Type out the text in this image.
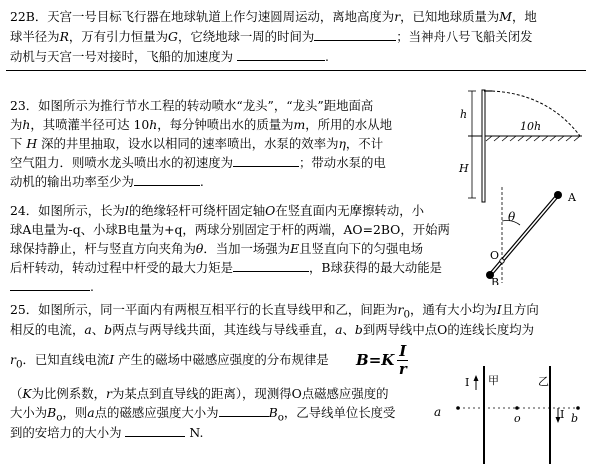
22B．天宫一号目标飞行器在地球轨道上作匀速圆周运动，离地高度为r，已知地球质量为M，地
球半径为R，万有引力恒量为G，它绕地球一周的时间为	；当神舟八号飞船关闭发
动机与天宫一号对接时，飞船的加速度为	.
23．如图所示为推行节水工程的转动喷水“龙头”，“龙头”距地面高
为h，其喷灌半径可达 10h，每分钟喷出水的质量为m，所用的水从地
下 H 深的井里抽取，设水以相同的速率喷出，水泵的效率为η，不计
空气阻力．则喷水龙头喷出水的初速度为	；带动水泵的电
动机的输出功率至少为	.
h
H
10h
24．如图所示，长为l的绝缘轻杆可绕杆固定轴O在竖直面内无摩擦转动，小
球A电量为-q、小球B电量为+q，两球分别固定于杆的两端，AO=2BO，开始两
球保持静止，杆与竖直方向夹角为θ．当加一场强为E且竖直向下的匀强电场
后杆转动，转动过程中杆受的最大力矩是	，B球获得的最大动能是
.
θ
A
O
B
25．如图所示，同一平面内有两根互相平行的长直导线甲和乙，间距为$r_0$，通有大小均为I且方向
相反的电流，a、b两点与两导线共面，其连线与导线垂直，a、b到两导线中点O的连线长度均为
$r_0$．已知直线电流I 产生的磁场中磁感应强度的分布规律是 B = K
I
r
（K为比例系数，r为某点到直导线的距离），现测得O点磁感应强度的
大小为$B_o$，则a点的磁感应强度大小为	$B_o$，乙导线单位长度受
到的安培力的大小为	N.
I 甲	乙
I
a	o	b
